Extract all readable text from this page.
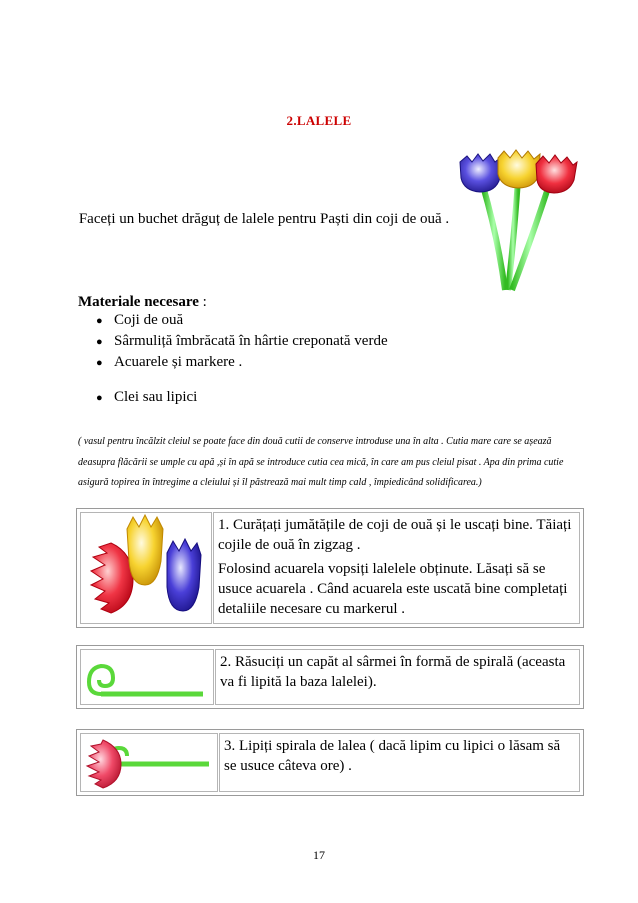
2.LALELE
Faceți un buchet drăguț de lalele pentru Paști din coji de ouă .
Materiale necesare :
● Coji de ouă
● Sârmuliță îmbrăcată în hârtie creponată verde
● Acuarele și markere .
● Clei sau lipici
( vasul pentru încălzit cleiul se poate face din două cutii de conserve introduse una în alta . Cutia mare care se așează deasupra flăcării se umple cu apă ,și în apă se introduce cutia cea mică, în care am pus cleiul pisat . Apa din prima cutie asigură topirea în întregime a cleiului și îl păstrează mai mult timp cald , împiedicând solidificarea.)

1. Curățați jumătățile de coji de ouă și le uscați bine. Tăiați cojile de ouă în zigzag .

Folosind acuarela vopsiți lalelele obținute. Lăsați să se usuce acuarela . Când acuarela este uscată bine completați detaliile necesare cu markerul .

2. Răsuciți un capăt al sârmei în formă de spirală (aceasta va fi lipită la baza lalelei).

3. Lipiți spirala de lalea ( dacă lipim cu lipici o lăsam să se usuce câteva ore) .

17
